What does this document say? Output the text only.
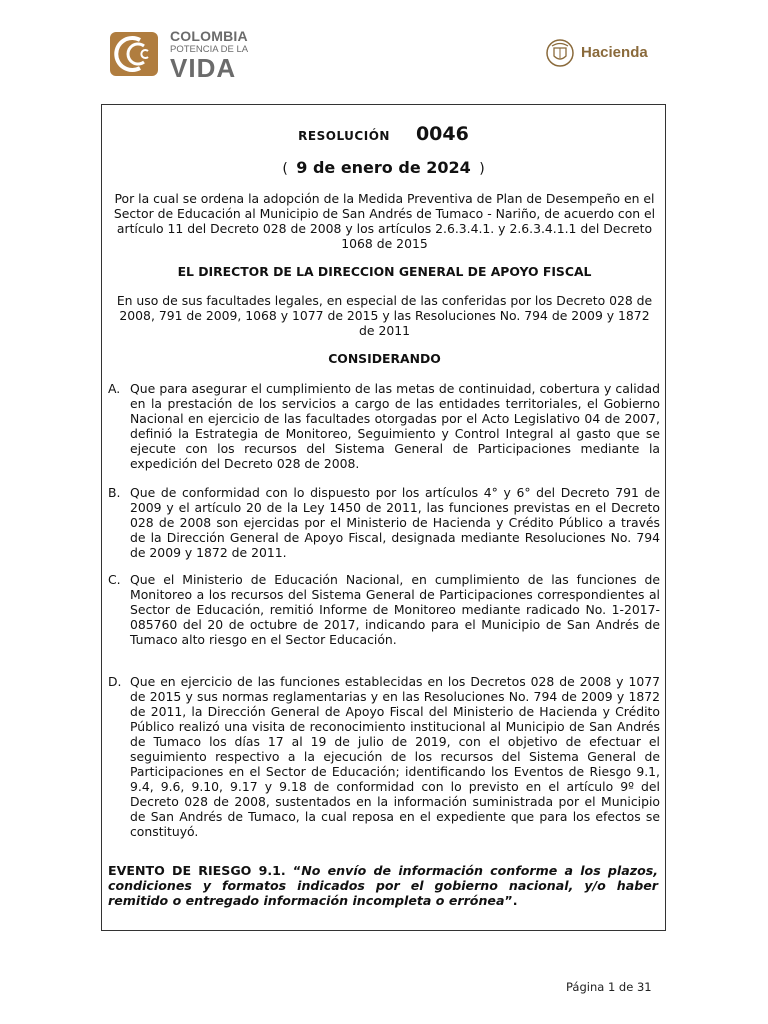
COLOMBIA
POTENCIA DE LA
VIDA
Hacienda
RESOLUCIÓN 0046
( 9 de enero de 2024 )
Por la cual se ordena la adopción de la Medida Preventiva de Plan de Desempeño en el Sector de Educación al Municipio de San Andrés de Tumaco - Nariño, de acuerdo con el artículo 11 del Decreto 028 de 2008 y los artículos 2.6.3.4.1. y 2.6.3.4.1.1 del Decreto 1068 de 2015
EL DIRECTOR DE LA DIRECCION GENERAL DE APOYO FISCAL
En uso de sus facultades legales, en especial de las conferidas por los Decreto 028 de 2008, 791 de 2009, 1068 y 1077 de 2015 y las Resoluciones No. 794 de 2009 y 1872 de 2011
CONSIDERANDO
A. Que para asegurar el cumplimiento de las metas de continuidad, cobertura y calidad en la prestación de los servicios a cargo de las entidades territoriales, el Gobierno Nacional en ejercicio de las facultades otorgadas por el Acto Legislativo 04 de 2007, definió la Estrategia de Monitoreo, Seguimiento y Control Integral al gasto que se ejecute con los recursos del Sistema General de Participaciones mediante la expedición del Decreto 028 de 2008.
B. Que de conformidad con lo dispuesto por los artículos 4° y 6° del Decreto 791 de 2009 y el artículo 20 de la Ley 1450 de 2011, las funciones previstas en el Decreto 028 de 2008 son ejercidas por el Ministerio de Hacienda y Crédito Público a través de la Dirección General de Apoyo Fiscal, designada mediante Resoluciones No. 794 de 2009 y 1872 de 2011.
C. Que el Ministerio de Educación Nacional, en cumplimiento de las funciones de Monitoreo a los recursos del Sistema General de Participaciones correspondientes al Sector de Educación, remitió Informe de Monitoreo mediante radicado No. 1-2017-085760 del 20 de octubre de 2017, indicando para el Municipio de San Andrés de Tumaco alto riesgo en el Sector Educación.
D. Que en ejercicio de las funciones establecidas en los Decretos 028 de 2008 y 1077 de 2015 y sus normas reglamentarias y en las Resoluciones No. 794 de 2009 y 1872 de 2011, la Dirección General de Apoyo Fiscal del Ministerio de Hacienda y Crédito Público realizó una visita de reconocimiento institucional al Municipio de San Andrés de Tumaco los días 17 al 19 de julio de 2019, con el objetivo de efectuar el seguimiento respectivo a la ejecución de los recursos del Sistema General de Participaciones en el Sector de Educación; identificando los Eventos de Riesgo 9.1, 9.4, 9.6, 9.10, 9.17 y 9.18 de conformidad con lo previsto en el artículo 9º del Decreto 028 de 2008, sustentados en la información suministrada por el Municipio de San Andrés de Tumaco, la cual reposa en el expediente que para los efectos se constituyó.
EVENTO DE RIESGO 9.1. “No envío de información conforme a los plazos, condiciones y formatos indicados por el gobierno nacional, y/o haber remitido o entregado información incompleta o errónea”.
Página 1 de 31
